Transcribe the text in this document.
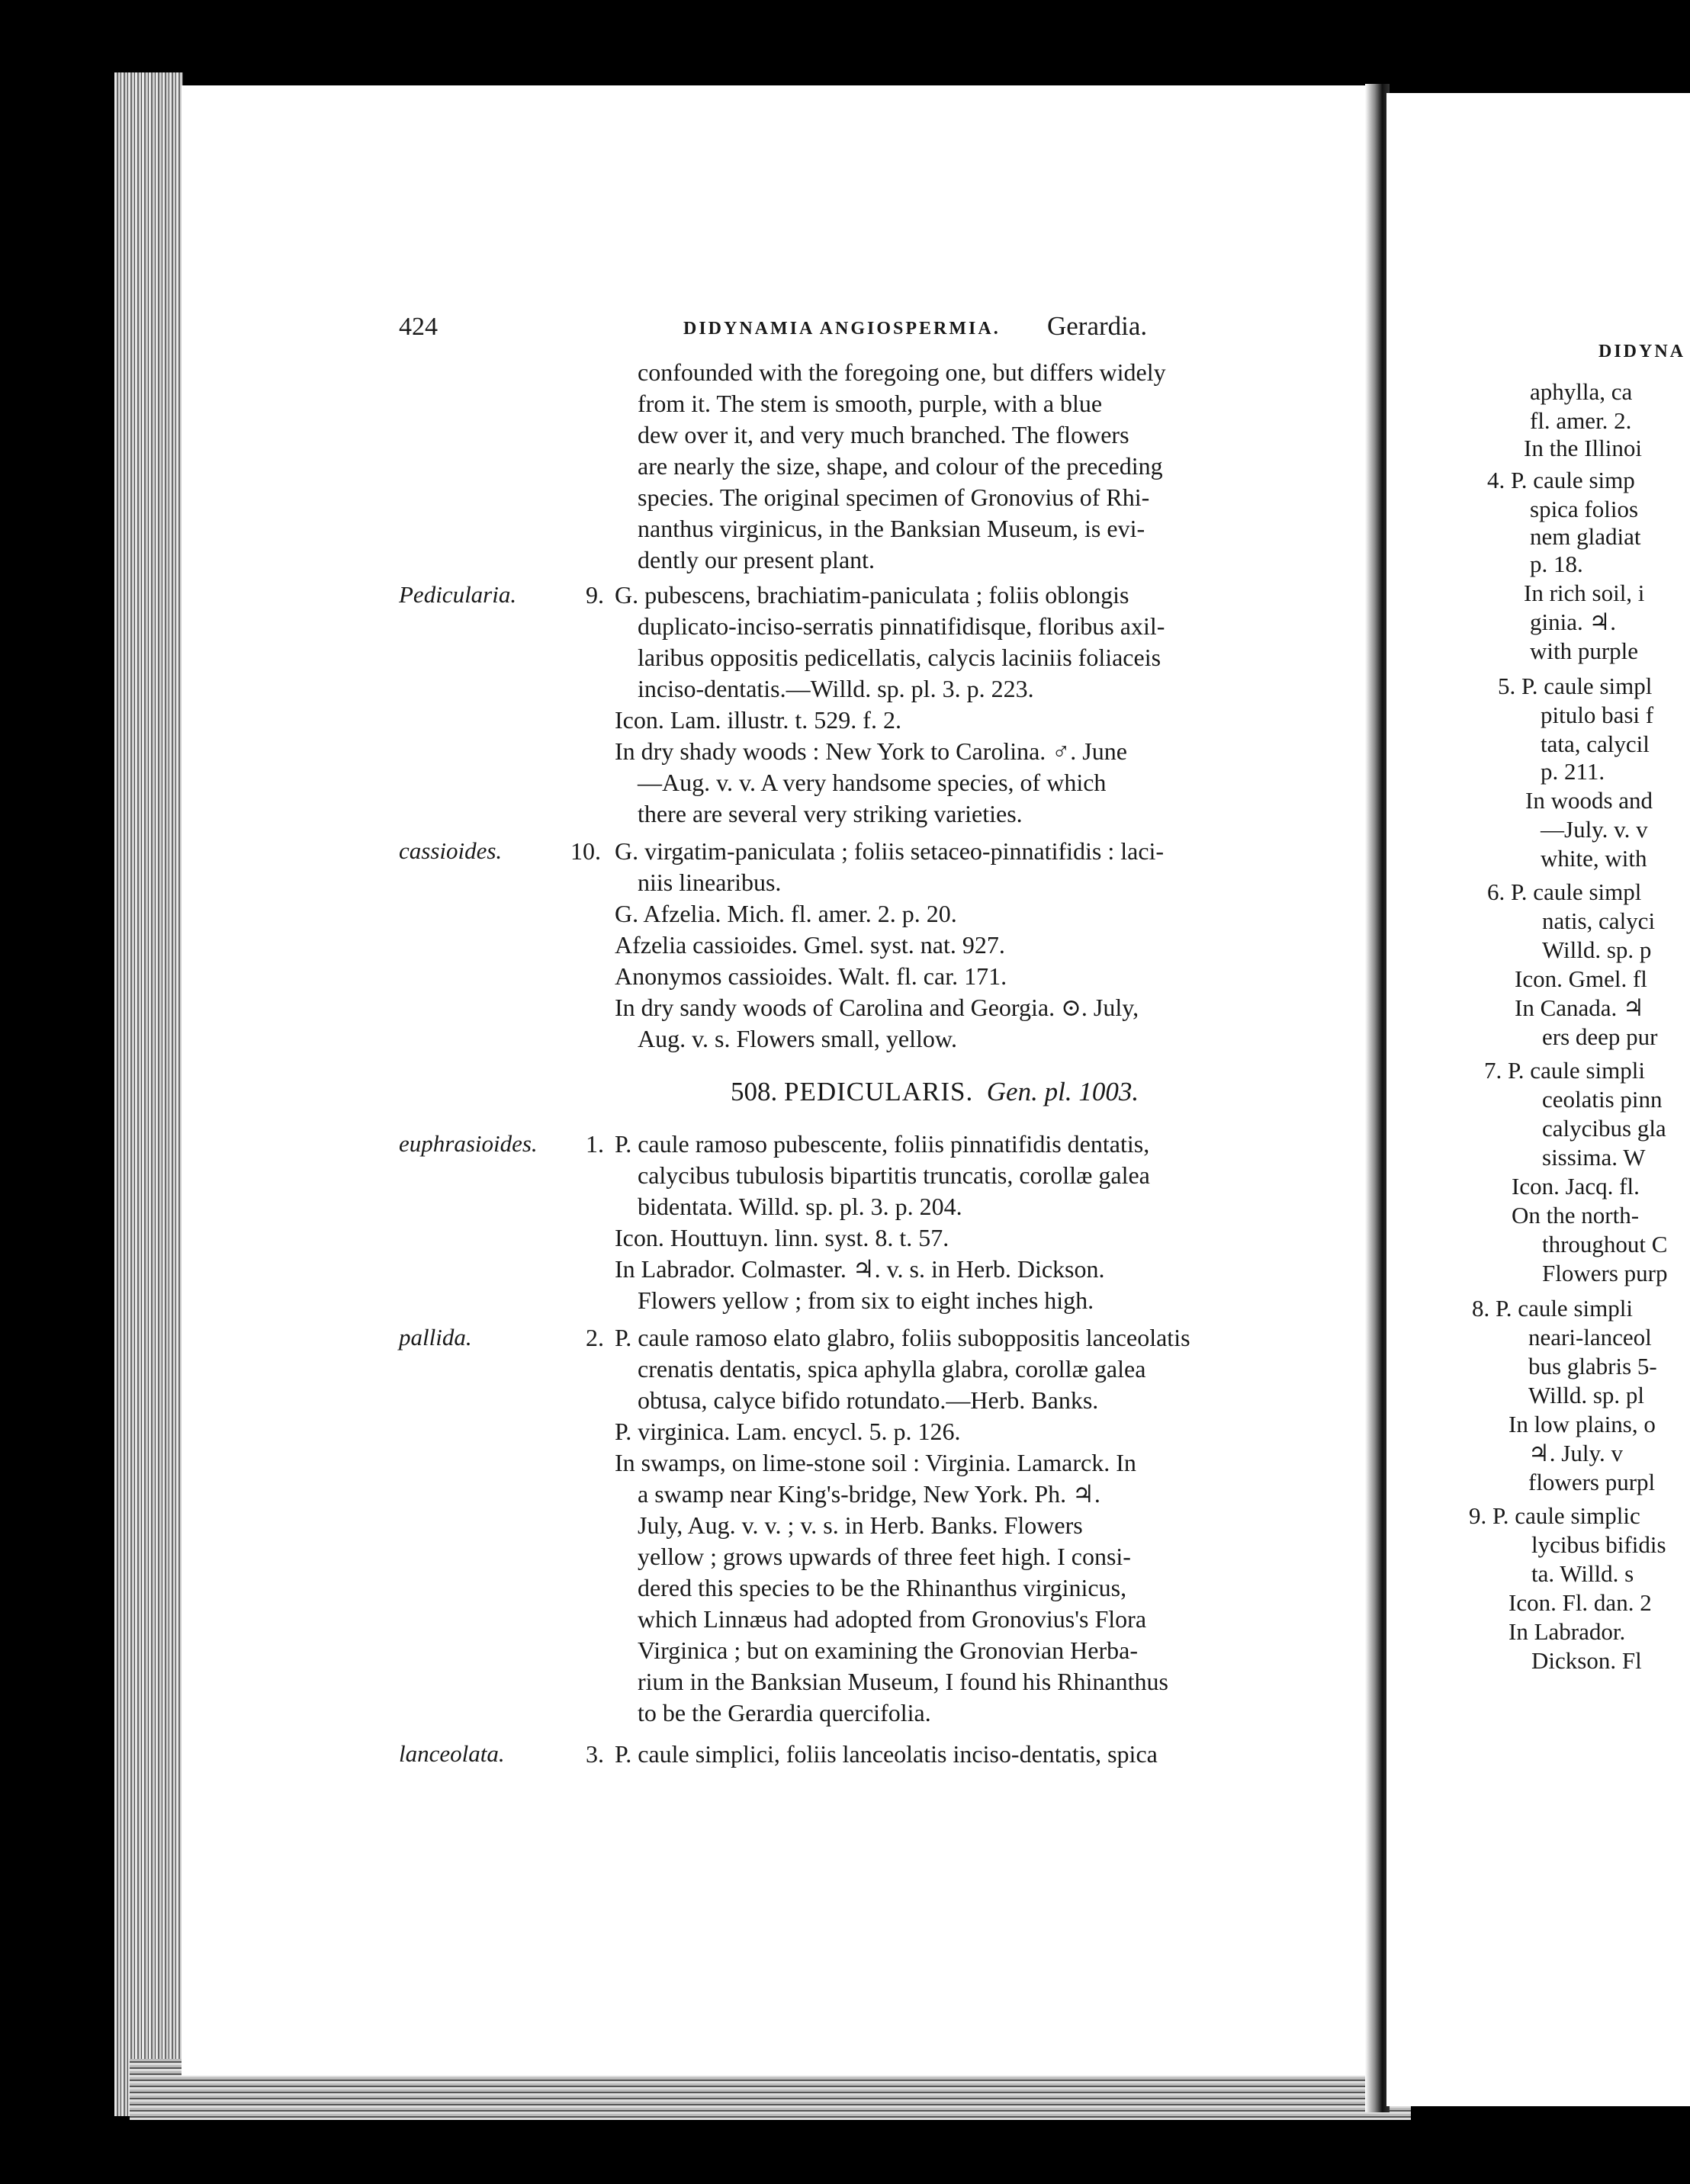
424	DIDYNAMIA ANGIOSPERMIA. Gerardia.
confounded with the foregoing one, but differs widely
from it. The stem is smooth, purple, with a blue
dew over it, and very much branched. The flowers
are nearly the size, shape, and colour of the preceding
species. The original specimen of Gronovius of Rhi-
nanthus virginicus, in the Banksian Museum, is evi-
dently our present plant.
Pedicularia.	9. G. pubescens, brachiatim-paniculata ; foliis oblongis
duplicato-inciso-serratis pinnatifidisque, floribus axil-
laribus oppositis pedicellatis, calycis laciniis foliaceis
inciso-dentatis.—Willd. sp. pl. 3. p. 223.
Icon. Lam. illustr. t. 529. f. 2.
In dry shady woods : New York to Carolina. ♂. June
—Aug. v. v. A very handsome species, of which
there are several very striking varieties.
cassioides.	10. G. virgatim-paniculata ; foliis setaceo-pinnatifidis : laci-
niis linearibus.
G. Afzelia. Mich. fl. amer. 2. p. 20.
Afzelia cassioides. Gmel. syst. nat. 927.
Anonymos cassioides. Walt. fl. car. 171.
In dry sandy woods of Carolina and Georgia. ⊙. July,
Aug. v. s. Flowers small, yellow.
508. PEDICULARIS. Gen. pl. 1003.
euphrasioides. 1. P. caule ramoso pubescente, foliis pinnatifidis dentatis,
calycibus tubulosis bipartitis truncatis, corollæ galea
bidentata. Willd. sp. pl. 3. p. 204.
Icon. Houttuyn. linn. syst. 8. t. 57.
In Labrador. Colmaster. ♃. v. s. in Herb. Dickson.
Flowers yellow ; from six to eight inches high.
pallida.	2. P. caule ramoso elato glabro, foliis suboppositis lanceolatis
crenatis dentatis, spica aphylla glabra, corollæ galea
obtusa, calyce bifido rotundato.—Herb. Banks.
P. virginica. Lam. encycl. 5. p. 126.
In swamps, on lime-stone soil : Virginia. Lamarck. In
a swamp near King's-bridge, New York. Ph. ♃.
July, Aug. v. v. ; v. s. in Herb. Banks. Flowers
yellow ; grows upwards of three feet high. I consi-
dered this species to be the Rhinanthus virginicus,
which Linnæus had adopted from Gronovius's Flora
Virginica ; but on examining the Gronovian Herba-
rium in the Banksian Museum, I found his Rhinanthus
to be the Gerardia quercifolia.
lanceolata.	3. P. caule simplici, foliis lanceolatis inciso-dentatis, spica
DIDYNA
aphylla, ca
fl. amer. 2.
In the Illinoi
4. P. caule simp
spica folios
nem gladiat
p. 18.
In rich soil, i
ginia. ♃.
with purple
5. P. caule simpl
pitulo basi f
tata, calycil
p. 211.
In woods and
—July. v. v
white, with
6. P. caule simpl
natis, calyci
Willd. sp. p
Icon. Gmel. fl
In Canada. ♃
ers deep pur
7. P. caule simpli
ceolatis pinn
calycibus gla
sissima. W
Icon. Jacq. fl.
On the north-
throughout C
Flowers purp
8. P. caule simpli
neari-lanceol
bus glabris 5-
Willd. sp. pl
In low plains, o
♃. July. v
flowers purpl
9. P. caule simplic
lycibus bifidis
ta. Willd. s
Icon. Fl. dan. 2
In Labrador.
Dickson. Fl
